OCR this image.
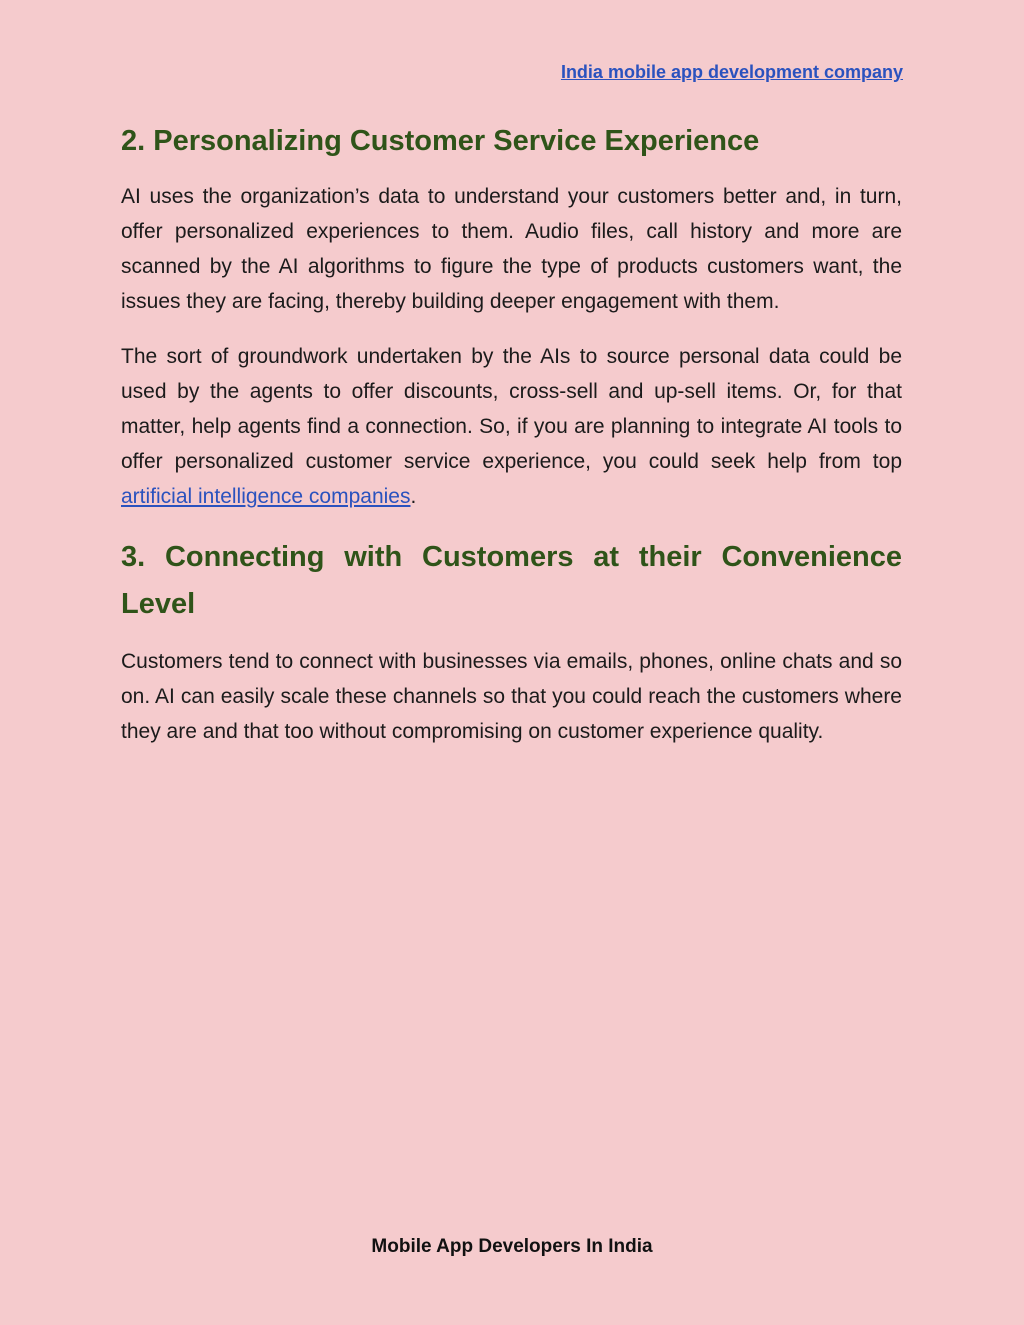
India mobile app development company
2. Personalizing Customer Service Experience

AI uses the organization’s data to understand your customers better and, in turn, offer personalized experiences to them. Audio files, call history and more are scanned by the AI algorithms to figure the type of products customers want, the issues they are facing, thereby building deeper engagement with them.

The sort of groundwork undertaken by the AIs to source personal data could be used by the agents to offer discounts, cross-sell and up-sell items. Or, for that matter, help agents find a connection. So, if you are planning to integrate AI tools to offer personalized customer service experience, you could seek help from top artificial intelligence companies.

3. Connecting with Customers at their Convenience Level

Customers tend to connect with businesses via emails, phones, online chats and so on. AI can easily scale these channels so that you could reach the customers where they are and that too without compromising on customer experience quality.

Mobile App Developers In India
